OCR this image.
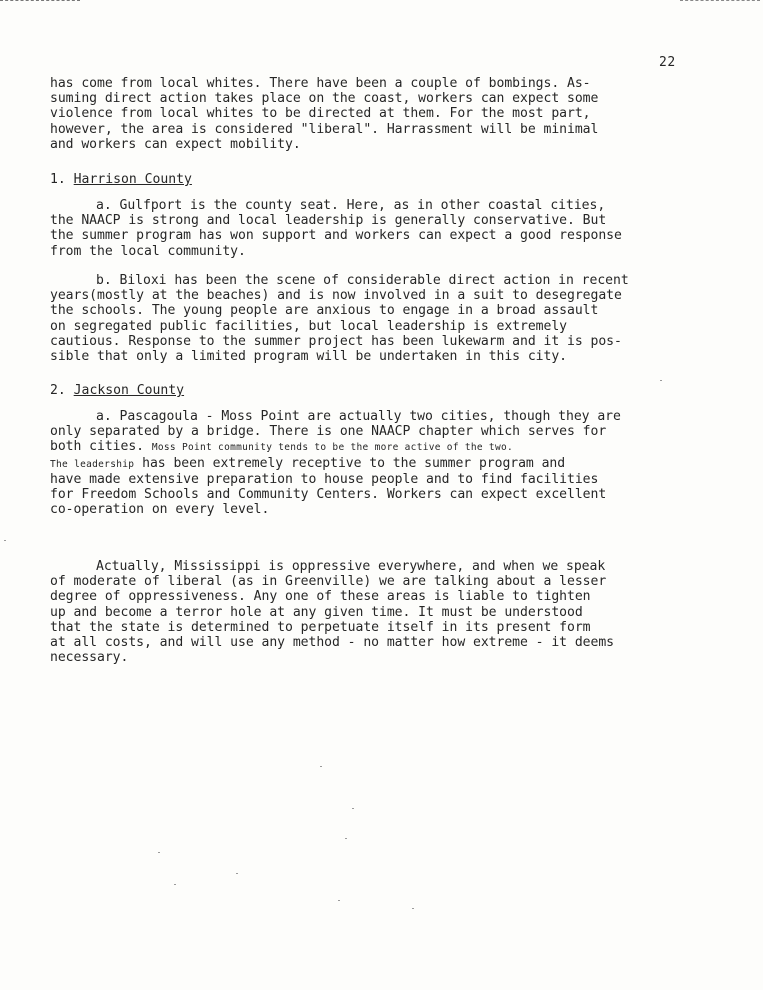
22
has come from local whites. There have been a couple of bombings. As-
suming direct action takes place on the coast, workers can expect some
violence from local whites to be directed at them. For the most part,
however, the area is considered "liberal". Harrassment will be minimal
and workers can expect mobility.
1. Harrison County
a. Gulfport is the county seat. Here, as in other coastal cities,
the NAACP is strong and local leadership is generally conservative. But
the summer program has won support and workers can expect a good response
from the local community.
b. Biloxi has been the scene of considerable direct action in recent
years(mostly at the beaches) and is now involved in a suit to desegregate
the schools. The young people are anxious to engage in a broad assault
on segregated public facilities, but local leadership is extremely
cautious. Response to the summer project has been lukewarm and it is pos-
sible that only a limited program will be undertaken in this city.
2. Jackson County
a. Pascagoula - Moss Point are actually two cities, though they are
only separated by a bridge. There is one NAACP chapter which serves for
both cities. Moss Point community tends to be the more active of the two.
The leadership has been extremely receptive to the summer program and
have made extensive preparation to house people and to find facilities
for Freedom Schools and Community Centers. Workers can expect excellent
co-operation on every level.
Actually, Mississippi is oppressive everywhere, and when we speak
of moderate of liberal (as in Greenville) we are talking about a lesser
degree of oppressiveness. Any one of these areas is liable to tighten
up and become a terror hole at any given time. It must be understood
that the state is determined to perpetuate itself in its present form
at all costs, and will use any method - no matter how extreme - it deems
necessary.
